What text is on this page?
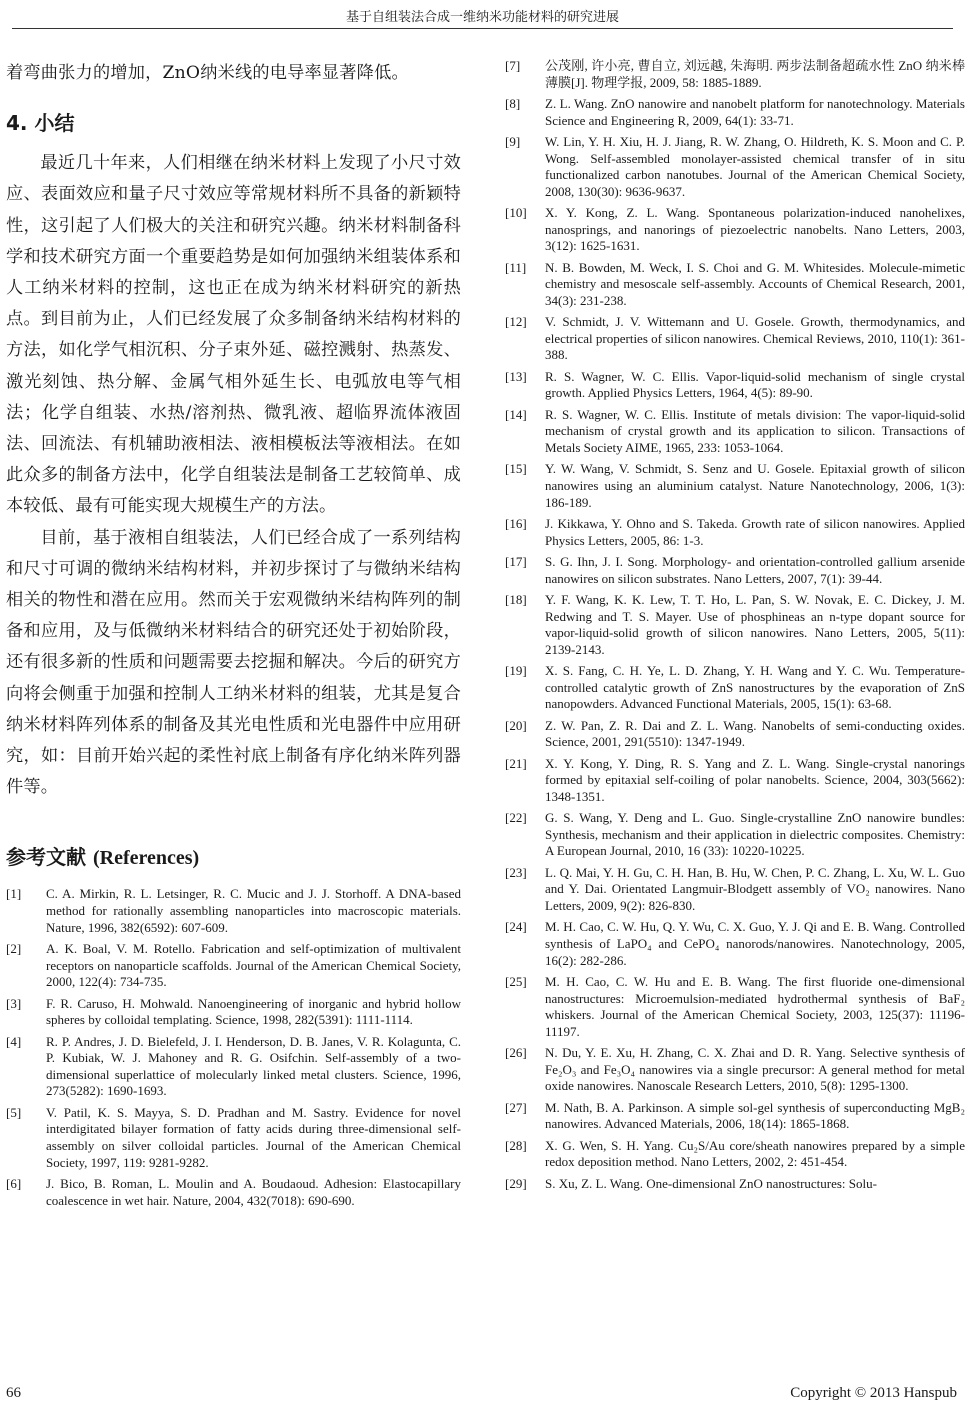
基于自组装法合成一维纳米功能材料的研究进展

着弯曲张力的增加，ZnO纳米线的电导率显著降低。

4. 小结

最近几十年来，人们相继在纳米材料上发现了小尺寸效应、表面效应和量子尺寸效应等常规材料所不具备的新颖特性，这引起了人们极大的关注和研究兴趣。纳米材料制备科学和技术研究方面一个重要趋势是如何加强纳米组装体系和人工纳米材料的控制，这也正在成为纳米材料研究的新热点。到目前为止，人们已经发展了众多制备纳米结构材料的方法，如化学气相沉积、分子束外延、磁控溅射、热蒸发、激光刻蚀、热分解、金属气相外延生长、电弧放电等气相法；化学自组装、水热/溶剂热、微乳液、超临界流体液固法、回流法、有机辅助液相法、液相模板法等液相法。在如此众多的制备方法中，化学自组装法是制备工艺较简单、成本较低、最有可能实现大规模生产的方法。

目前，基于液相自组装法，人们已经合成了一系列结构和尺寸可调的微纳米结构材料，并初步探讨了与微纳米结构相关的物性和潜在应用。然而关于宏观微纳米结构阵列的制备和应用，及与低微纳米材料结合的研究还处于初始阶段，还有很多新的性质和问题需要去挖掘和解决。今后的研究方向将会侧重于加强和控制人工纳米材料的组装，尤其是复合纳米材料阵列体系的制备及其光电性质和光电器件中应用研究，如：目前开始兴起的柔性衬底上制备有序化纳米阵列器件等。

参考文献 (References)
[1] C. A. Mirkin, R. L. Letsinger, R. C. Mucic and J. J. Storhoff. A DNA-based method for rationally assembling nanoparticles into macroscopic materials. Nature, 1996, 382(6592): 607-609.
[2] A. K. Boal, V. M. Rotello. Fabrication and self-optimization of multivalent receptors on nanoparticle scaffolds. Journal of the American Chemical Society, 2000, 122(4): 734-735.
[3] F. R. Caruso, H. Mohwald. Nanoengineering of inorganic and hybrid hollow spheres by colloidal templating. Science, 1998, 282(5391): 1111-1114.
[4] R. P. Andres, J. D. Bielefeld, J. I. Henderson, D. B. Janes, V. R. Kolagunta, C. P. Kubiak, W. J. Mahoney and R. G. Osifchin. Self-assembly of a two-dimensional superlattice of molecularly linked metal clusters. Science, 1996, 273(5282): 1690-1693.
[5] V. Patil, K. S. Mayya, S. D. Pradhan and M. Sastry. Evidence for novel interdigitated bilayer formation of fatty acids during three-dimensional self-assembly on silver colloidal particles. Journal of the American Chemical Society, 1997, 119: 9281-9282.
[6] J. Bico, B. Roman, L. Moulin and A. Boudaoud. Adhesion: Elastocapillary coalescence in wet hair. Nature, 2004, 432(7018): 690-690.
[7] 公茂刚, 许小亮, 曹自立, 刘远越, 朱海明. 两步法制备超疏水性 ZnO 纳米棒薄膜[J]. 物理学报, 2009, 58: 1885-1889.
[8] Z. L. Wang. ZnO nanowire and nanobelt platform for nanotechnology. Materials Science and Engineering R, 2009, 64(1): 33-71.
[9] W. Lin, Y. H. Xiu, H. J. Jiang, R. W. Zhang, O. Hildreth, K. S. Moon and C. P. Wong. Self-assembled monolayer-assisted chemical transfer of in situ functionalized carbon nanotubes. Journal of the American Chemical Society, 2008, 130(30): 9636-9637.
[10] X. Y. Kong, Z. L. Wang. Spontaneous polarization-induced nanohelixes, nanosprings, and nanorings of piezoelectric nanobelts. Nano Letters, 2003, 3(12): 1625-1631.
[11] N. B. Bowden, M. Weck, I. S. Choi and G. M. Whitesides. Molecule-mimetic chemistry and mesoscale self-assembly. Accounts of Chemical Research, 2001, 34(3): 231-238.
[12] V. Schmidt, J. V. Wittemann and U. Gosele. Growth, thermodynamics, and electrical properties of silicon nanowires. Chemical Reviews, 2010, 110(1): 361-388.
[13] R. S. Wagner, W. C. Ellis. Vapor-liquid-solid mechanism of single crystal growth. Applied Physics Letters, 1964, 4(5): 89-90.
[14] R. S. Wagner, W. C. Ellis. Institute of metals division: The vapor-liquid-solid mechanism of crystal growth and its application to silicon. Transactions of Metals Society AIME, 1965, 233: 1053-1064.
[15] Y. W. Wang, V. Schmidt, S. Senz and U. Gosele. Epitaxial growth of silicon nanowires using an aluminium catalyst. Nature Nanotechnology, 2006, 1(3): 186-189.
[16] J. Kikkawa, Y. Ohno and S. Takeda. Growth rate of silicon nanowires. Applied Physics Letters, 2005, 86: 1-3.
[17] S. G. Ihn, J. I. Song. Morphology- and orientation-controlled gallium arsenide nanowires on silicon substrates. Nano Letters, 2007, 7(1): 39-44.
[18] Y. F. Wang, K. K. Lew, T. T. Ho, L. Pan, S. W. Novak, E. C. Dickey, J. M. Redwing and T. S. Mayer. Use of phosphineas an n-type dopant source for vapor-liquid-solid growth of silicon nanowires. Nano Letters, 2005, 5(11): 2139-2143.
[19] X. S. Fang, C. H. Ye, L. D. Zhang, Y. H. Wang and Y. C. Wu. Temperature-controlled catalytic growth of ZnS nanostructures by the evaporation of ZnS nanopowders. Advanced Functional Materials, 2005, 15(1): 63-68.
[20] Z. W. Pan, Z. R. Dai and Z. L. Wang. Nanobelts of semi-conducting oxides. Science, 2001, 291(5510): 1347-1949.
[21] X. Y. Kong, Y. Ding, R. S. Yang and Z. L. Wang. Single-crystal nanorings formed by epitaxial self-coiling of polar nanobelts. Science, 2004, 303(5662): 1348-1351.
[22] G. S. Wang, Y. Deng and L. Guo. Single-crystalline ZnO nanowire bundles: Synthesis, mechanism and their application in dielectric composites. Chemistry: A European Journal, 2010, 16 (33): 10220-10225.
[23] L. Q. Mai, Y. H. Gu, C. H. Han, B. Hu, W. Chen, P. C. Zhang, L. Xu, W. L. Guo and Y. Dai. Orientated Langmuir-Blodgett assembly of VO₂ nanowires. Nano Letters, 2009, 9(2): 826-830.
[24] M. H. Cao, C. W. Hu, Q. Y. Wu, C. X. Guo, Y. J. Qi and E. B. Wang. Controlled synthesis of LaPO₄ and CePO₄ nanorods/nanowires. Nanotechnology, 2005, 16(2): 282-286.
[25] M. H. Cao, C. W. Hu and E. B. Wang. The first fluoride one-dimensional nanostructures: Microemulsion-mediated hydrothermal synthesis of BaF₂ whiskers. Journal of the American Chemical Society, 2003, 125(37): 11196-11197.
[26] N. Du, Y. E. Xu, H. Zhang, C. X. Zhai and D. R. Yang. Selective synthesis of Fe₂O₃ and Fe₃O₄ nanowires via a single precursor: A general method for metal oxide nanowires. Nanoscale Research Letters, 2010, 5(8): 1295-1300.
[27] M. Nath, B. A. Parkinson. A simple sol-gel synthesis of superconducting MgB₂ nanowires. Advanced Materials, 2006, 18(14): 1865-1868.
[28] X. G. Wen, S. H. Yang. Cu₂S/Au core/sheath nanowires prepared by a simple redox deposition method. Nano Letters, 2002, 2: 451-454.
[29] S. Xu, Z. L. Wang. One-dimensional ZnO nanostructures: Solu-
66	Copyright © 2013 Hanspub
